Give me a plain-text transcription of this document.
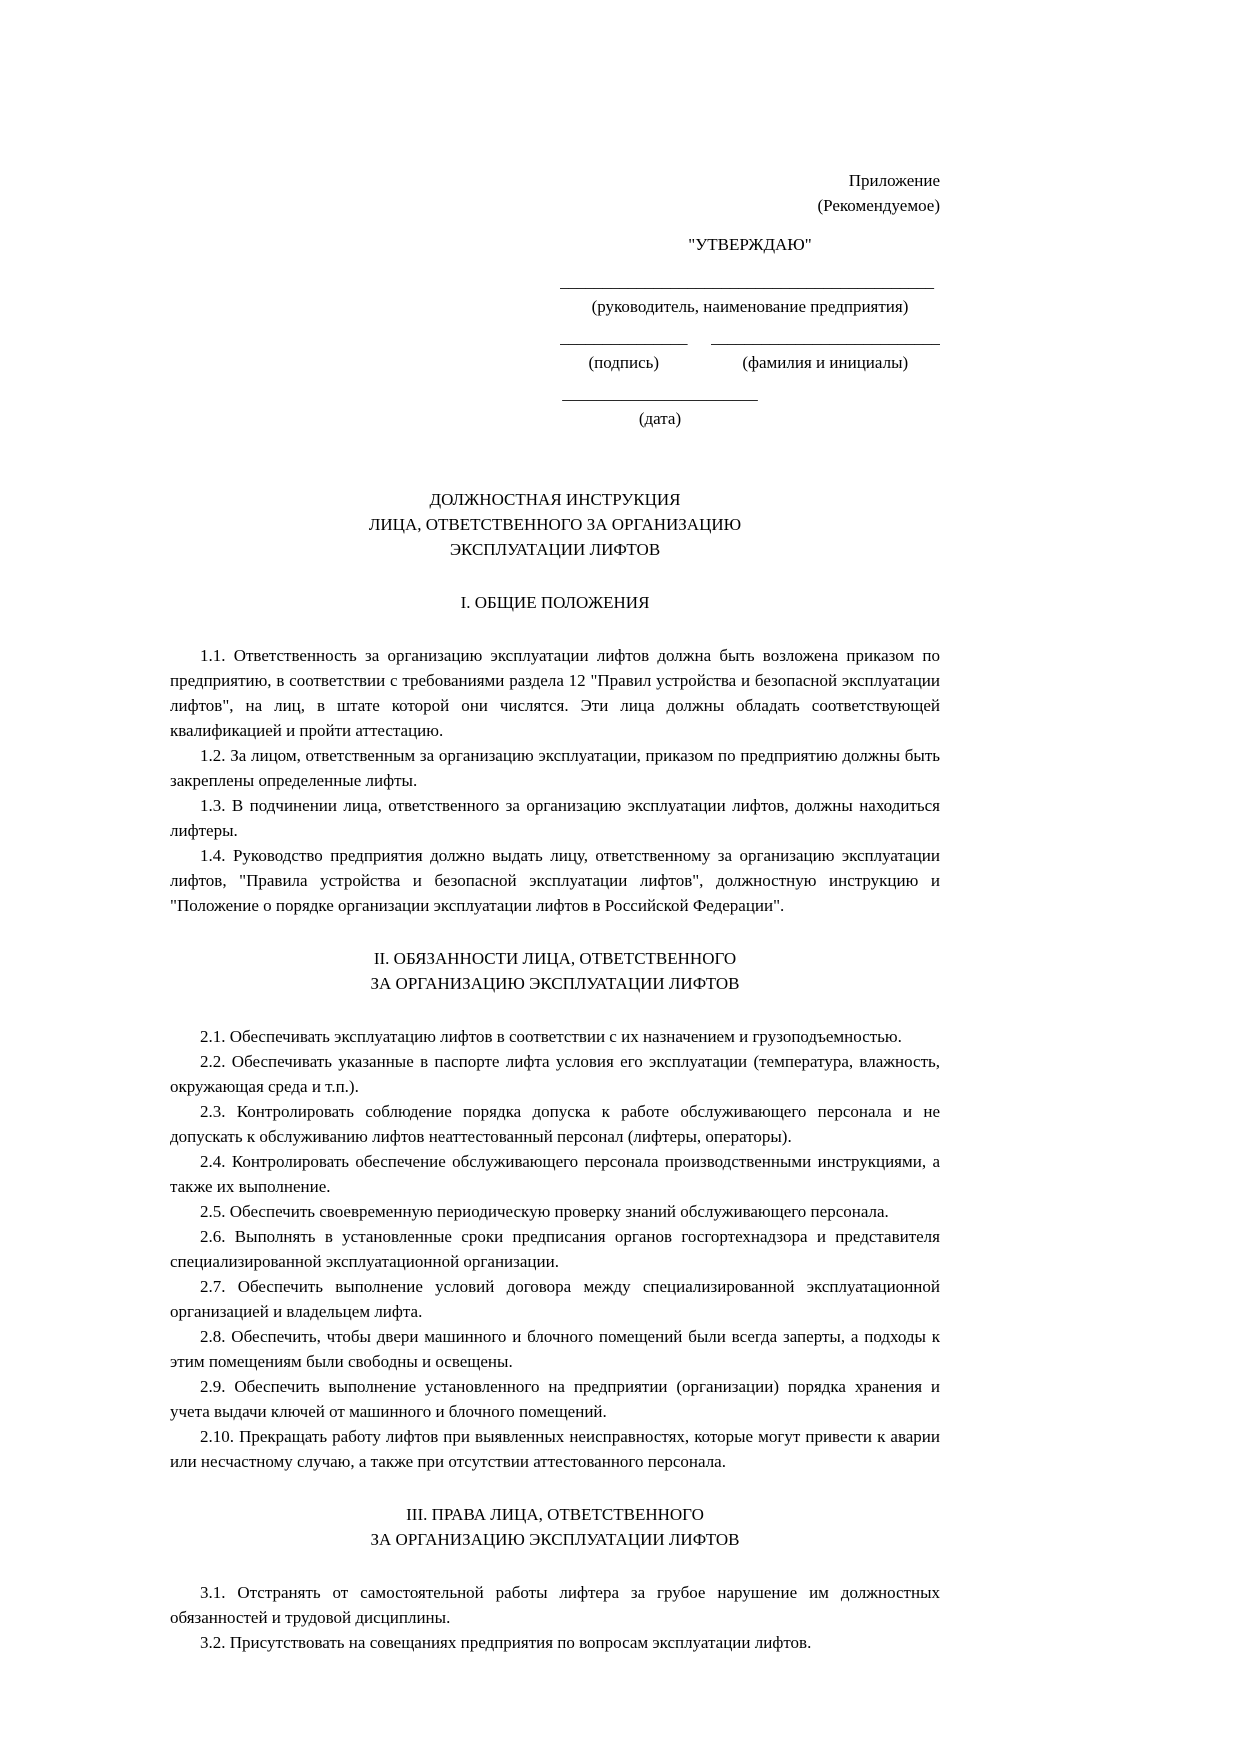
Приложение
(Рекомендуемое)
"УТВЕРЖДАЮ"
____________________________________________
(руководитель, наименование предприятия)
_______________
(подпись)
___________________________
(фамилия и инициалы)
_______________________
(дата)
ДОЛЖНОСТНАЯ ИНСТРУКЦИЯ
ЛИЦА, ОТВЕТСТВЕННОГО ЗА ОРГАНИЗАЦИЮ
ЭКСПЛУАТАЦИИ ЛИФТОВ
I. ОБЩИЕ ПОЛОЖЕНИЯ

1.1. Ответственность за организацию эксплуатации лифтов должна быть возложена приказом по предприятию, в соответствии с требованиями раздела 12 "Правил устройства и безопасной эксплуатации лифтов", на лиц, в штате которой они числятся. Эти лица должны обладать соответствующей квалификацией и пройти аттестацию.

1.2. За лицом, ответственным за организацию эксплуатации, приказом по предприятию должны быть закреплены определенные лифты.

1.3. В подчинении лица, ответственного за организацию эксплуатации лифтов, должны находиться лифтеры.

1.4. Руководство предприятия должно выдать лицу, ответственному за организацию эксплуатации лифтов, "Правила устройства и безопасной эксплуатации лифтов", должностную инструкцию и "Положение о порядке организации эксплуатации лифтов в Российской Федерации".

II. ОБЯЗАННОСТИ ЛИЦА, ОТВЕТСТВЕННОГО
ЗА ОРГАНИЗАЦИЮ ЭКСПЛУАТАЦИИ ЛИФТОВ

2.1. Обеспечивать эксплуатацию лифтов в соответствии с их назначением и грузоподъемностью.

2.2. Обеспечивать указанные в паспорте лифта условия его эксплуатации (температура, влажность, окружающая среда и т.п.).

2.3. Контролировать соблюдение порядка допуска к работе обслуживающего персонала и не допускать к обслуживанию лифтов неаттестованный персонал (лифтеры, операторы).

2.4. Контролировать обеспечение обслуживающего персонала производственными инструкциями, а также их выполнение.

2.5. Обеспечить своевременную периодическую проверку знаний обслуживающего персонала.

2.6. Выполнять в установленные сроки предписания органов госгортехнадзора и представителя специализированной эксплуатационной организации.

2.7. Обеспечить выполнение условий договора между специализированной эксплуатационной организацией и владельцем лифта.

2.8. Обеспечить, чтобы двери машинного и блочного помещений были всегда заперты, а подходы к этим помещениям были свободны и освещены.

2.9. Обеспечить выполнение установленного на предприятии (организации) порядка хранения и учета выдачи ключей от машинного и блочного помещений.

2.10. Прекращать работу лифтов при выявленных неисправностях, которые могут привести к аварии или несчастному случаю, а также при отсутствии аттестованного персонала.

III. ПРАВА ЛИЦА, ОТВЕТСТВЕННОГО
ЗА ОРГАНИЗАЦИЮ ЭКСПЛУАТАЦИИ ЛИФТОВ

3.1. Отстранять от самостоятельной работы лифтера за грубое нарушение им должностных обязанностей и трудовой дисциплины.

3.2. Присутствовать на совещаниях предприятия по вопросам эксплуатации лифтов.
